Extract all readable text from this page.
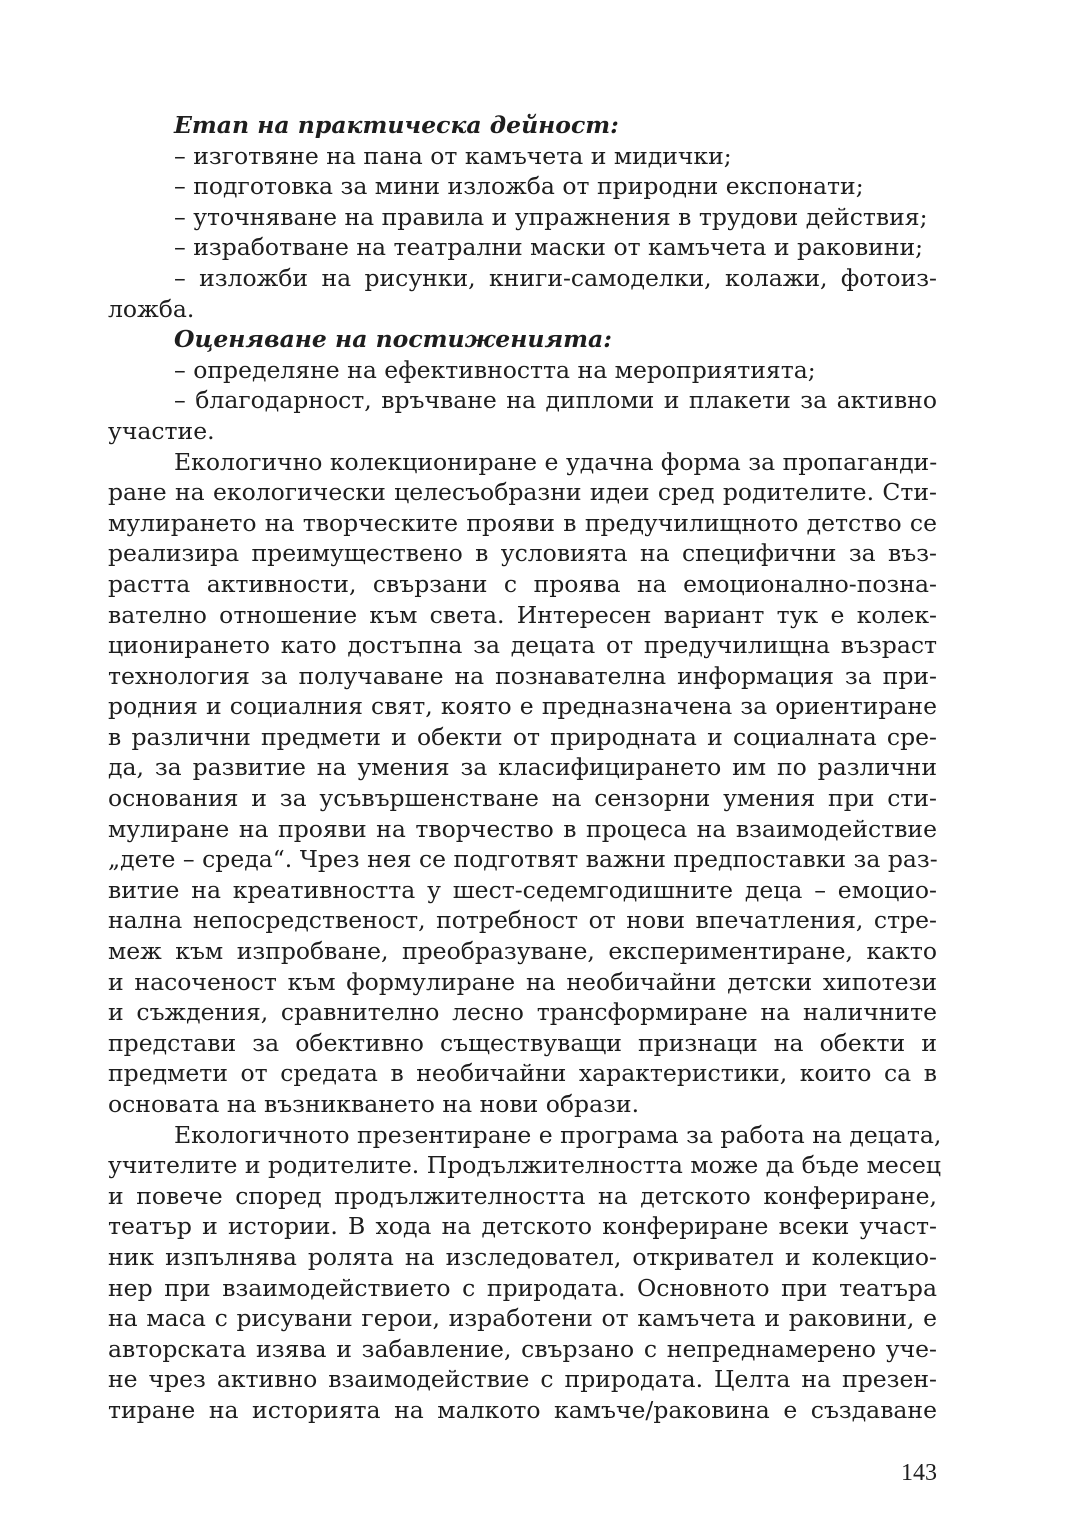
Етап на практическа дейност:
– изготвяне на пана от камъчета и мидички;
– подготовка за мини изложба от природни експонати;
– уточняване на правила и упражнения в трудови действия;
– изработване на театрални маски от камъчета и раковини;
– изложби на рисунки, книги-самоделки, колажи, фотоиз-
ложба.
Оценяване на постиженията:
– определяне на ефективността на мероприятията;
– благодарност, връчване на дипломи и плакети за активно
участие.
Екологично колекциониране е удачна форма за пропаганди-
ране на екологически целесъобразни идеи сред родителите. Сти-
мулирането на творческите прояви в предучилищното детство се
реализира преимуществено в условията на специфични за въз-
растта активности, свързани с проява на емоционално-позна-
вателно отношение към света. Интересен вариант тук е колек-
ционирането като достъпна за децата от предучилищна възраст
технология за получаване на познавателна информация за при-
родния и социалния свят, която е предназначена за ориентиране
в различни предмети и обекти от природната и социалната сре-
да, за развитие на умения за класифицирането им по различни
основания и за усъвършенстване на сензорни умения при сти-
мулиране на прояви на творчество в процеса на взаимодействие
„дете – среда“. Чрез нея се подготвят важни предпоставки за раз-
витие на креативността у шест-седемгодишните деца – емоцио-
нална непосредственост, потребност от нови впечатления, стре-
меж към изпробване, преобразуване, експериментиране, както
и насоченост към формулиране на необичайни детски хипотези
и съждения, сравнително лесно трансформиране на наличните
представи за обективно съществуващи признаци на обекти и
предмети от средата в необичайни характеристики, които са в
основата на възникването на нови образи.
Екологичното презентиране е програма за работа на децата,
учителите и родителите. Продължителността може да бъде месец
и повече според продължителността на детското конфериране,
театър и истории. В хода на детското конфериране всеки участ-
ник изпълнява ролята на изследовател, откривател и колекцио-
нер при взаимодействието с природата. Основното при театъра
на маса с рисувани герои, изработени от камъчета и раковини, е
авторската изява и забавление, свързано с непреднамерено уче-
не чрез активно взаимодействие с природата. Целта на презен-
тиране на историята на малкото камъче/раковина е създаване
143
